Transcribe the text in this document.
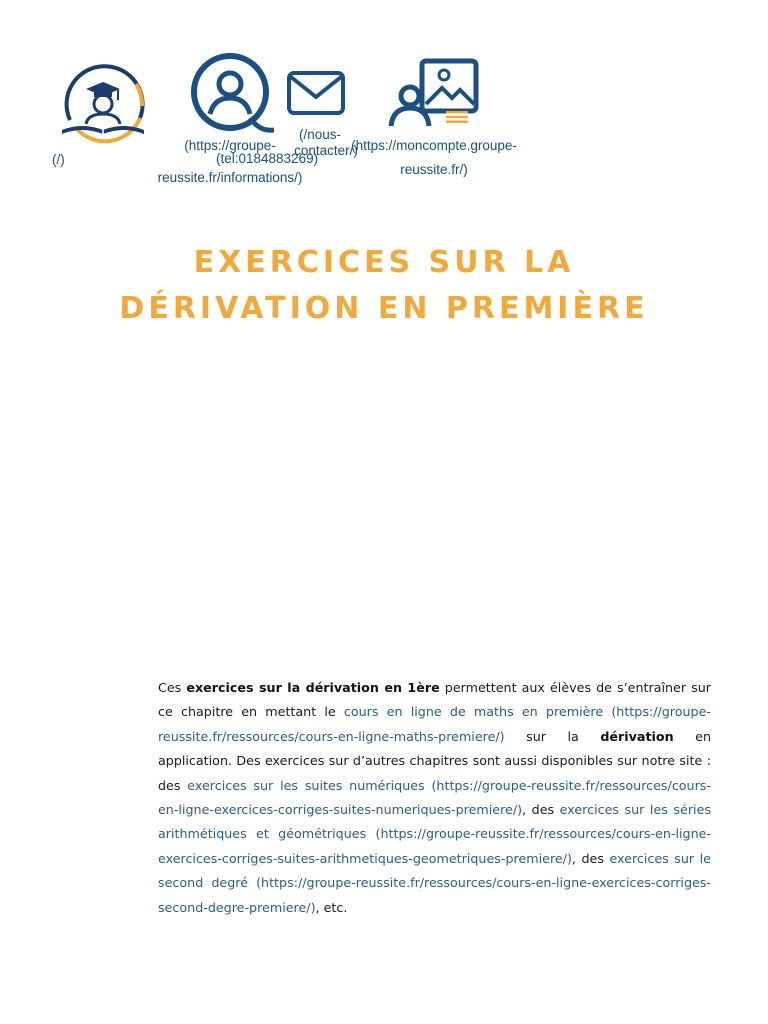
(/)
(https://groupe-
reussite.fr/informations/)
(tel:0184883269)
(/nous-
contacter/)
(https://moncompte.groupe-
reussite.fr/)
EXERCICES SUR LA
DÉRIVATION EN PREMIÈRE

Ces exercices sur la dérivation en 1ère permettent aux élèves de s’entraîner sur ce chapitre en mettant le cours en ligne de maths en première (https://groupe-reussite.fr/ressources/cours-en-ligne-maths-premiere/) sur la dérivation en application. Des exercices sur d’autres chapitres sont aussi disponibles sur notre site : des exercices sur les suites numériques (https://groupe-reussite.fr/ressources/cours-en-ligne-exercices-corriges-suites-numeriques-premiere/), des exercices sur les séries arithmétiques et géométriques (https://groupe-reussite.fr/ressources/cours-en-ligne-exercices-corriges-suites-arithmetiques-geometriques-premiere/), des exercices sur le second degré (https://groupe-reussite.fr/ressources/cours-en-ligne-exercices-corriges-second-degre-premiere/), etc.
